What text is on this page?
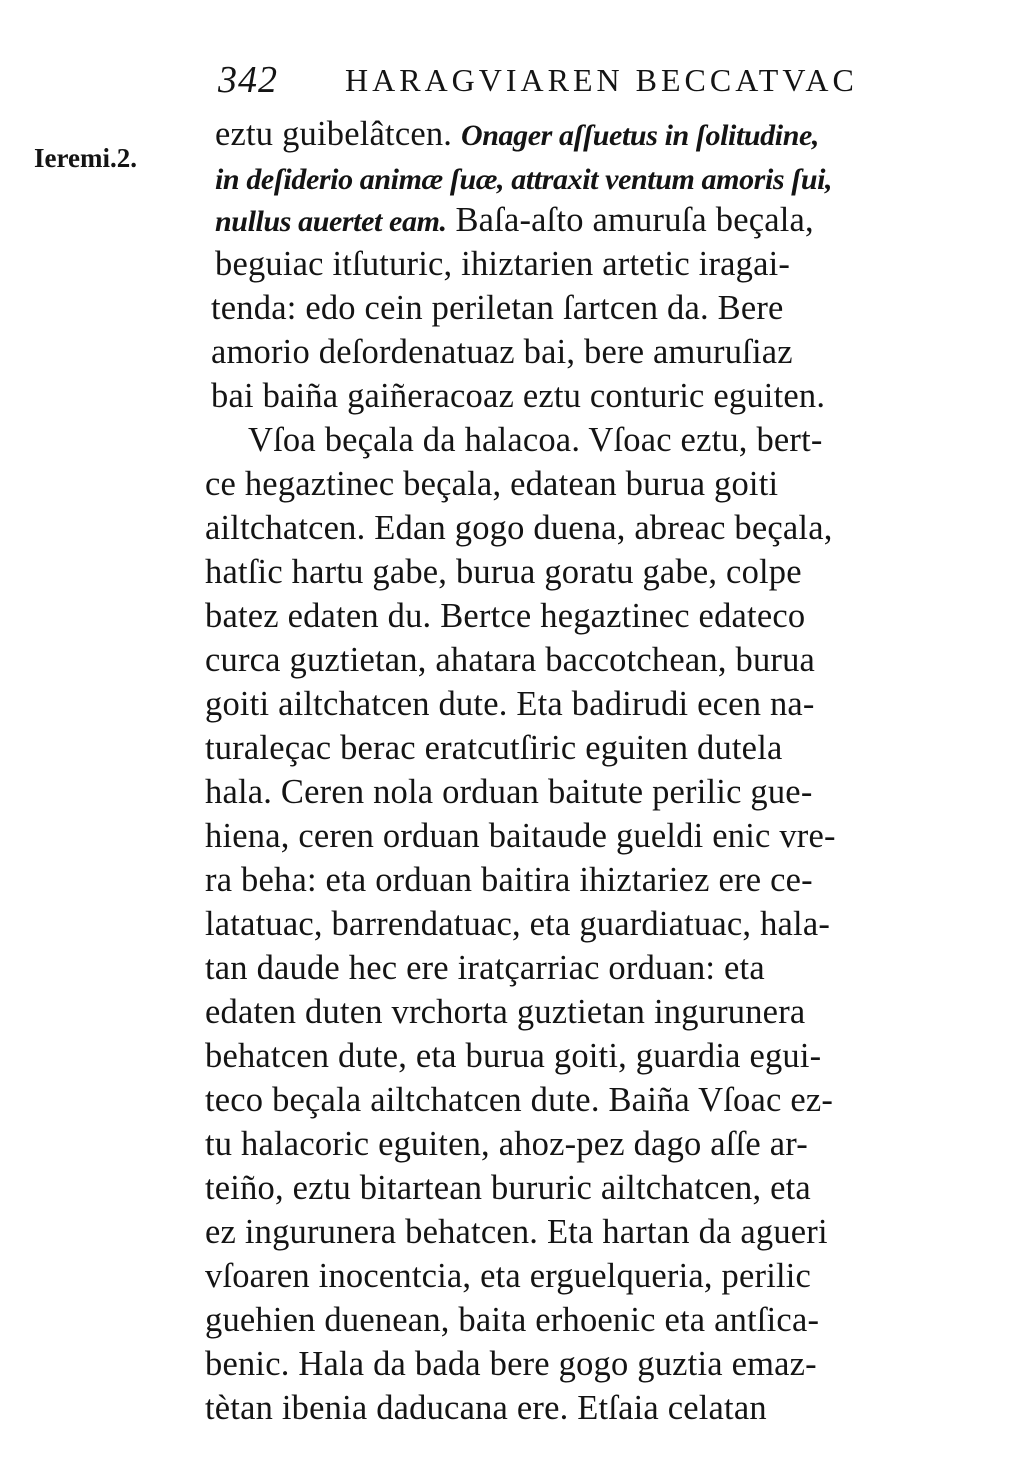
342 HARAGVIAREN BECCATVAC
Ieremi.2.
eztu guibelâtcen. Onager aſſuetus in ſolitudine,
in deſiderio animæ ſuæ, attraxit ventum amoris ſui,
nullus auertet eam. Baſa-aſto amuruſa beçala,
beguiac itſuturic, ihiztarien artetic iragai-
tenda: edo cein periletan ſartcen da. Bere
amorio deſordenatuaz bai, bere amuruſiaz
bai baiña gaiñeracoaz eztu conturic eguiten.
Vſoa beçala da halacoa. Vſoac eztu, bert-
ce hegaztinec beçala, edatean burua goiti
ailtchatcen. Edan gogo duena, abreac beçala,
hatſic hartu gabe, burua goratu gabe, colpe
batez edaten du. Bertce hegaztinec edateco
curca guztietan, ahatara baccotchean, burua
goiti ailtchatcen dute. Eta badirudi ecen na-
turaleçac berac eratcutſiric eguiten dutela
hala. Ceren nola orduan baitute perilic gue-
hiena, ceren orduan baitaude gueldi enic vre-
ra beha: eta orduan baitira ihiztariez ere ce-
latatuac, barrendatuac, eta guardiatuac, hala-
tan daude hec ere iratçarriac orduan: eta
edaten duten vrchorta guztietan ingurunera
behatcen dute, eta burua goiti, guardia egui-
teco beçala ailtchatcen dute. Baiña Vſoac ez-
tu halacoric eguiten, ahoz-pez dago aſſe ar-
teiño, eztu bitartean bururic ailtchatcen, eta
ez ingurunera behatcen. Eta hartan da agueri
vſoaren inocentcia, eta erguelqueria, perilic
guehien duenean, baita erhoenic eta antſica-
benic. Hala da bada bere gogo guztia emaz-
tètan ibenia daducana ere. Etſaia celatan
